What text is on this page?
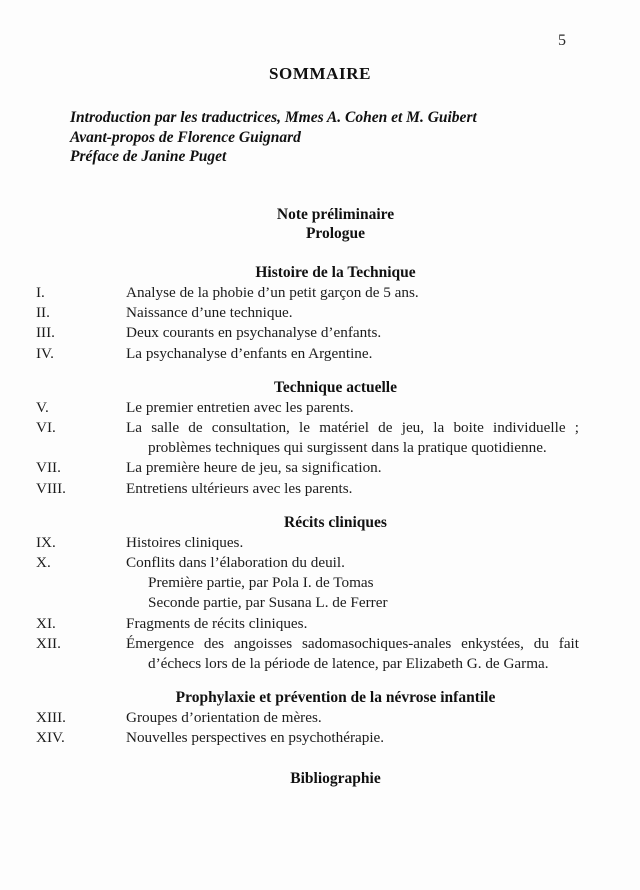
5
SOMMAIRE
Introduction par les traductrices, Mmes A. Cohen et M. Guibert
Avant-propos de Florence Guignard
Préface de Janine Puget
Note préliminaire
Prologue
Histoire de la Technique
I.	Analyse de la phobie d’un petit garçon de 5 ans.
II.	Naissance d’une technique.
III.	Deux courants en psychanalyse d’enfants.
IV.	La psychanalyse d’enfants en Argentine.
Technique actuelle
V.	Le premier entretien avec les parents.
VI.	La salle de consultation, le matériel de jeu, la boite individuelle ; problèmes techniques qui surgissent dans la pratique quotidienne.
VII.	La première heure de jeu, sa signification.
VIII.	Entretiens ultérieurs avec les parents.
Récits cliniques
IX.	Histoires cliniques.
X.	Conflits dans l’élaboration du deuil.
Première partie, par Pola I. de Tomas
Seconde partie, par Susana L. de Ferrer
XI.	Fragments de récits cliniques.
XII.	Émergence des angoisses sadomasochiques-anales enkystées, du fait d’échecs lors de la période de latence, par Elizabeth G. de Garma.
Prophylaxie et prévention de la névrose infantile
XIII.	Groupes d’orientation de mères.
XIV.	Nouvelles perspectives en psychothérapie.
Bibliographie
